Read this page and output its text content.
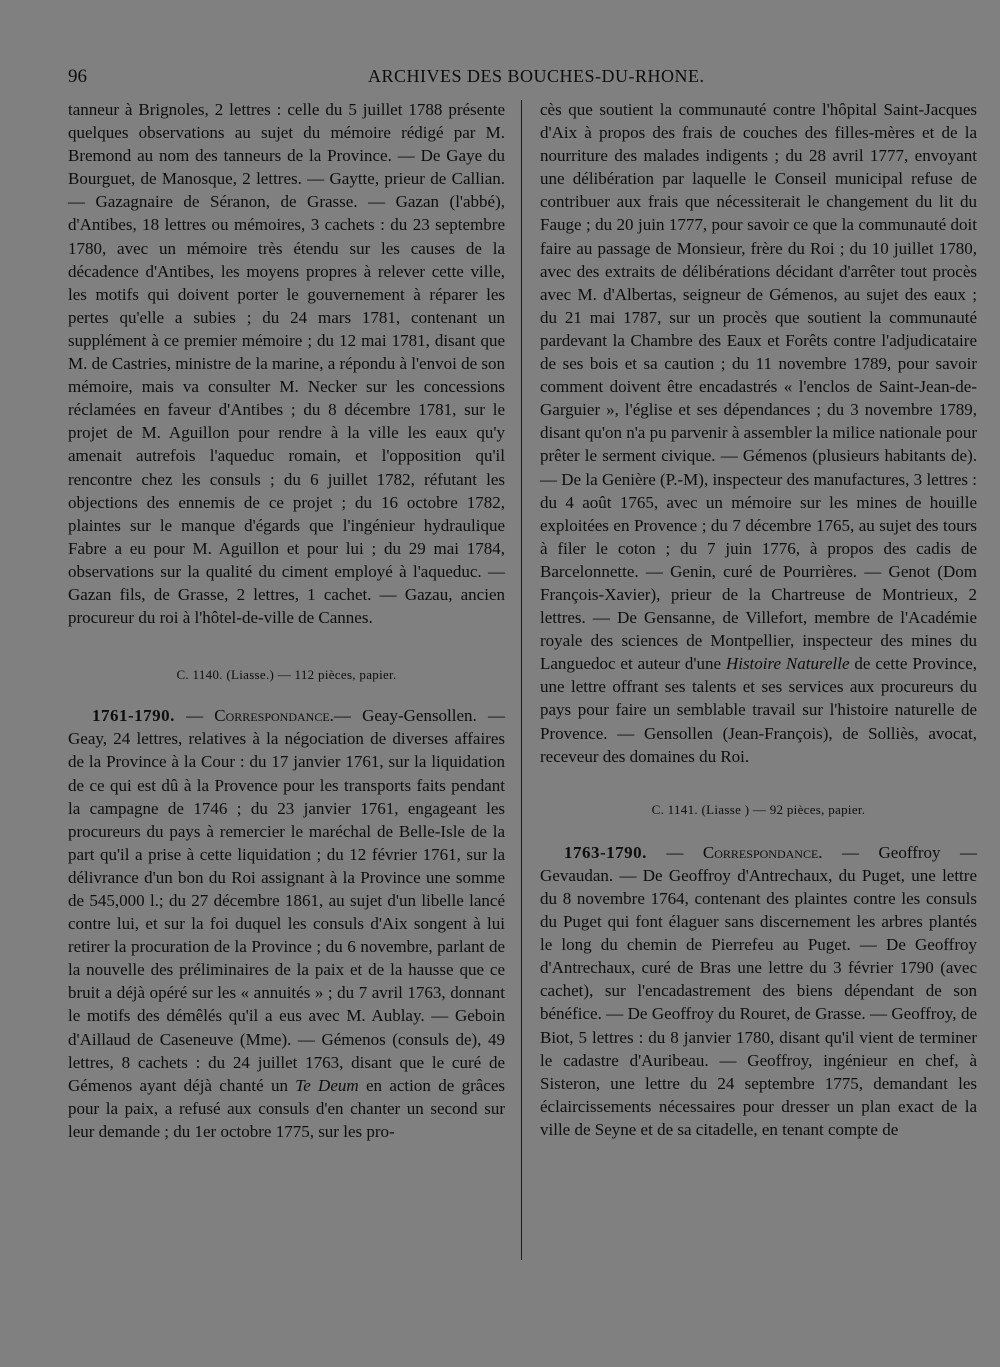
96	ARCHIVES DES BOUCHES-DU-RHONE.

tanneur à Brignoles, 2 lettres : celle du 5 juillet 1788 présente quelques observations au sujet du mémoire rédigé par M. Bremond au nom des tanneurs de la Province. — De Gaye du Bourguet, de Manosque, 2 lettres. — Gaytte, prieur de Callian.— Gazagnaire de Séranon, de Grasse. — Gazan (l'abbé), d'Antibes, 18 lettres ou mémoires, 3 cachets : du 23 septembre 1780, avec un mémoire très étendu sur les causes de la décadence d'Antibes, les moyens propres à relever cette ville, les motifs qui doivent porter le gouvernement à réparer les pertes qu'elle a subies ; du 24 mars 1781, contenant un supplément à ce premier mémoire ; du 12 mai 1781, disant que M. de Castries, ministre de la marine, a répondu à l'envoi de son mémoire, mais va consulter M. Necker sur les concessions réclamées en faveur d'Antibes ; du 8 décembre 1781, sur le projet de M. Aguillon pour rendre à la ville les eaux qu'y amenait autrefois l'aqueduc romain, et l'opposition qu'il rencontre chez les consuls ; du 6 juillet 1782, réfutant les objections des ennemis de ce projet ; du 16 octobre 1782, plaintes sur le manque d'égards que l'ingénieur hydraulique Fabre a eu pour M. Aguillon et pour lui ; du 29 mai 1784, observations sur la qualité du ciment employé à l'aqueduc. — Gazan fils, de Grasse, 2 lettres, 1 cachet. — Gazau, ancien procureur du roi à l'hôtel-de-ville de Cannes.

C. 1140. (Liasse.) — 112 pièces, papier.

1761-1790. — Correspondance.— Geay-Gensollen. — Geay, 24 lettres, relatives à la négociation de diverses affaires de la Province à la Cour : du 17 janvier 1761, sur la liquidation de ce qui est dû à la Provence pour les transports faits pendant la campagne de 1746 ; du 23 janvier 1761, engageant les procureurs du pays à remercier le maréchal de Belle-Isle de la part qu'il a prise à cette liquidation ; du 12 février 1761, sur la délivrance d'un bon du Roi assignant à la Province une somme de 545,000 l.; du 27 décembre 1861, au sujet d'un libelle lancé contre lui, et sur la foi duquel les consuls d'Aix songent à lui retirer la procuration de la Province ; du 6 novembre, parlant de la nouvelle des préliminaires de la paix et de la hausse que ce bruit a déjà opéré sur les « annuités » ; du 7 avril 1763, donnant le motifs des démêlés qu'il a eus avec M. Aublay. — Geboin d'Aillaud de Caseneuve (Mme). — Gémenos (consuls de), 49 lettres, 8 cachets : du 24 juillet 1763, disant que le curé de Gémenos ayant déjà chanté un Te Deum en action de grâces pour la paix, a refusé aux consuls d'en chanter un second sur leur demande ; du 1er octobre 1775, sur les pro-

cès que soutient la communauté contre l'hôpital Saint-Jacques d'Aix à propos des frais de couches des filles-mères et de la nourriture des malades indigents ; du 28 avril 1777, envoyant une délibération par laquelle le Conseil municipal refuse de contribuer aux frais que nécessiterait le changement du lit du Fauge ; du 20 juin 1777, pour savoir ce que la communauté doit faire au passage de Monsieur, frère du Roi ; du 10 juillet 1780, avec des extraits de délibérations décidant d'arrêter tout procès avec M. d'Albertas, seigneur de Gémenos, au sujet des eaux ; du 21 mai 1787, sur un procès que soutient la communauté pardevant la Chambre des Eaux et Forêts contre l'adjudicataire de ses bois et sa caution ; du 11 novembre 1789, pour savoir comment doivent être encadastrés « l'enclos de Saint-Jean-de-Garguier », l'église et ses dépendances ; du 3 novembre 1789, disant qu'on n'a pu parvenir à assembler la milice nationale pour prêter le serment civique. — Gémenos (plusieurs habitants de). — De la Genière (P.-M), inspecteur des manufactures, 3 lettres : du 4 août 1765, avec un mémoire sur les mines de houille exploitées en Provence ; du 7 décembre 1765, au sujet des tours à filer le coton ; du 7 juin 1776, à propos des cadis de Barcelonnette. — Genin, curé de Pourrières. — Genot (Dom François-Xavier), prieur de la Chartreuse de Montrieux, 2 lettres. — De Gensanne, de Villefort, membre de l'Académie royale des sciences de Montpellier, inspecteur des mines du Languedoc et auteur d'une Histoire Naturelle de cette Province, une lettre offrant ses talents et ses services aux procureurs du pays pour faire un semblable travail sur l'histoire naturelle de Provence. — Gensollen (Jean-François), de Solliès, avocat, receveur des domaines du Roi.

C. 1141. (Liasse ) — 92 pièces, papier.

1763-1790. — Correspondance. — Geoffroy — Gevaudan. — De Geoffroy d'Antrechaux, du Puget, une lettre du 8 novembre 1764, contenant des plaintes contre les consuls du Puget qui font élaguer sans discernement les arbres plantés le long du chemin de Pierrefeu au Puget. — De Geoffroy d'Antrechaux, curé de Bras une lettre du 3 février 1790 (avec cachet), sur l'encadastrement des biens dépendant de son bénéfice. — De Geoffroy du Rouret, de Grasse. — Geoffroy, de Biot, 5 lettres : du 8 janvier 1780, disant qu'il vient de terminer le cadastre d'Auribeau. — Geoffroy, ingénieur en chef, à Sisteron, une lettre du 24 septembre 1775, demandant les éclaircissements nécessaires pour dresser un plan exact de la ville de Seyne et de sa citadelle, en tenant compte de
